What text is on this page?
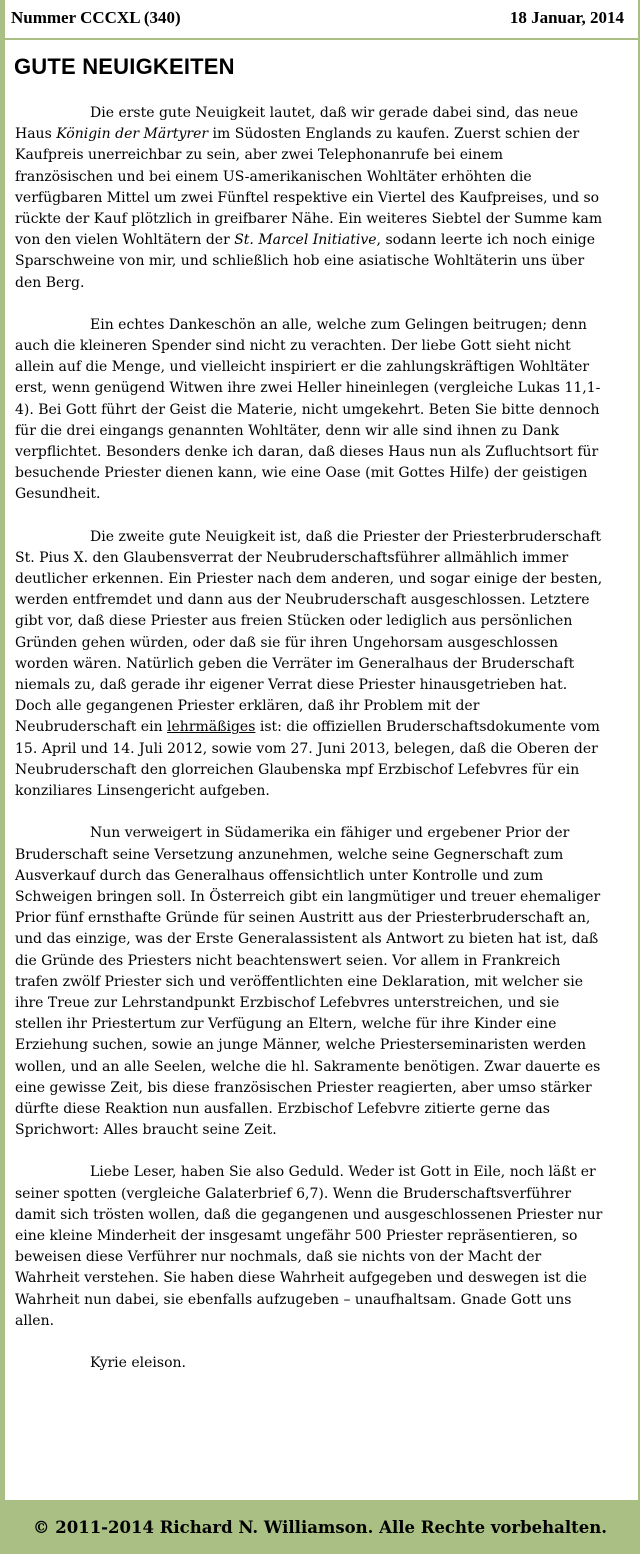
Nummer CCCXL (340)	18 Januar, 2014
GUTE NEUIGKEITEN

Die erste gute Neuigkeit lautet, daß wir gerade dabei sind, das neue Haus Königin der Märtyrer im Südosten Englands zu kaufen. Zuerst schien der Kaufpreis unerreichbar zu sein, aber zwei Telephonanrufe bei einem französischen und bei einem US-amerikanischen Wohltäter erhöhten die verfügbaren Mittel um zwei Fünftel respektive ein Viertel des Kaufpreises, und so rückte der Kauf plötzlich in greifbarer Nähe. Ein weiteres Siebtel der Summe kam von den vielen Wohltätern der St. Marcel Initiative, sodann leerte ich noch einige Sparschweine von mir, und schließlich hob eine asiatische Wohltäterin uns über den Berg.

Ein echtes Dankeschön an alle, welche zum Gelingen beitrugen; denn auch die kleineren Spender sind nicht zu verachten. Der liebe Gott sieht nicht allein auf die Menge, und vielleicht inspiriert er die zahlungskräftigen Wohltäter erst, wenn genügend Witwen ihre zwei Heller hineinlegen (vergleiche Lukas 11,1-4). Bei Gott führt der Geist die Materie, nicht umgekehrt. Beten Sie bitte dennoch für die drei eingangs genannten Wohltäter, denn wir alle sind ihnen zu Dank verpflichtet. Besonders denke ich daran, daß dieses Haus nun als Zufluchtsort für besuchende Priester dienen kann, wie eine Oase (mit Gottes Hilfe) der geistigen Gesundheit.

Die zweite gute Neuigkeit ist, daß die Priester der Priesterbruderschaft St. Pius X. den Glaubensverrat der Neubruderschaftsführer allmählich immer deutlicher erkennen. Ein Priester nach dem anderen, und sogar einige der besten, werden entfremdet und dann aus der Neubruderschaft ausgeschlossen. Letztere gibt vor, daß diese Priester aus freien Stücken oder lediglich aus persönlichen Gründen gehen würden, oder daß sie für ihren Ungehorsam ausgeschlossen worden wären. Natürlich geben die Verräter im Generalhaus der Bruderschaft niemals zu, daß gerade ihr eigener Verrat diese Priester hinausgetrieben hat. Doch alle gegangenen Priester erklären, daß ihr Problem mit der Neubruderschaft ein lehrmäßiges ist: die offiziellen Bruderschaftsdokumente vom 15. April und 14. Juli 2012, sowie vom 27. Juni 2013, belegen, daß die Oberen der Neubruderschaft den glorreichen Glaubenska mpf Erzbischof Lefebvres für ein konziliares Linsengericht aufgeben.

Nun verweigert in Südamerika ein fähiger und ergebener Prior der Bruderschaft seine Versetzung anzunehmen, welche seine Gegnerschaft zum Ausverkauf durch das Generalhaus offensichtlich unter Kontrolle und zum Schweigen bringen soll. In Österreich gibt ein langmütiger und treuer ehemaliger Prior fünf ernsthafte Gründe für seinen Austritt aus der Priesterbruderschaft an, und das einzige, was der Erste Generalassistent als Antwort zu bieten hat ist, daß die Gründe des Priesters nicht beachtenswert seien. Vor allem in Frankreich trafen zwölf Priester sich und veröffentlichten eine Deklaration, mit welcher sie ihre Treue zur Lehrstandpunkt Erzbischof Lefebvres unterstreichen, und sie stellen ihr Priestertum zur Verfügung an Eltern, welche für ihre Kinder eine Erziehung suchen, sowie an junge Männer, welche Priesterseminaristen werden wollen, und an alle Seelen, welche die hl. Sakramente benötigen. Zwar dauerte es eine gewisse Zeit, bis diese französischen Priester reagierten, aber umso stärker dürfte diese Reaktion nun ausfallen. Erzbischof Lefebvre zitierte gerne das Sprichwort: Alles braucht seine Zeit.

Liebe Leser, haben Sie also Geduld. Weder ist Gott in Eile, noch läßt er seiner spotten (vergleiche Galaterbrief 6,7). Wenn die Bruderschaftsverführer damit sich trösten wollen, daß die gegangenen und ausgeschlossenen Priester nur eine kleine Minderheit der insgesamt ungefähr 500 Priester repräsentieren, so beweisen diese Verführer nur nochmals, daß sie nichts von der Macht der Wahrheit verstehen. Sie haben diese Wahrheit aufgegeben und deswegen ist die Wahrheit nun dabei, sie ebenfalls aufzugeben – unaufhaltsam. Gnade Gott uns allen.

Kyrie eleison.

© 2011-2014 Richard N. Williamson. Alle Rechte vorbehalten.
